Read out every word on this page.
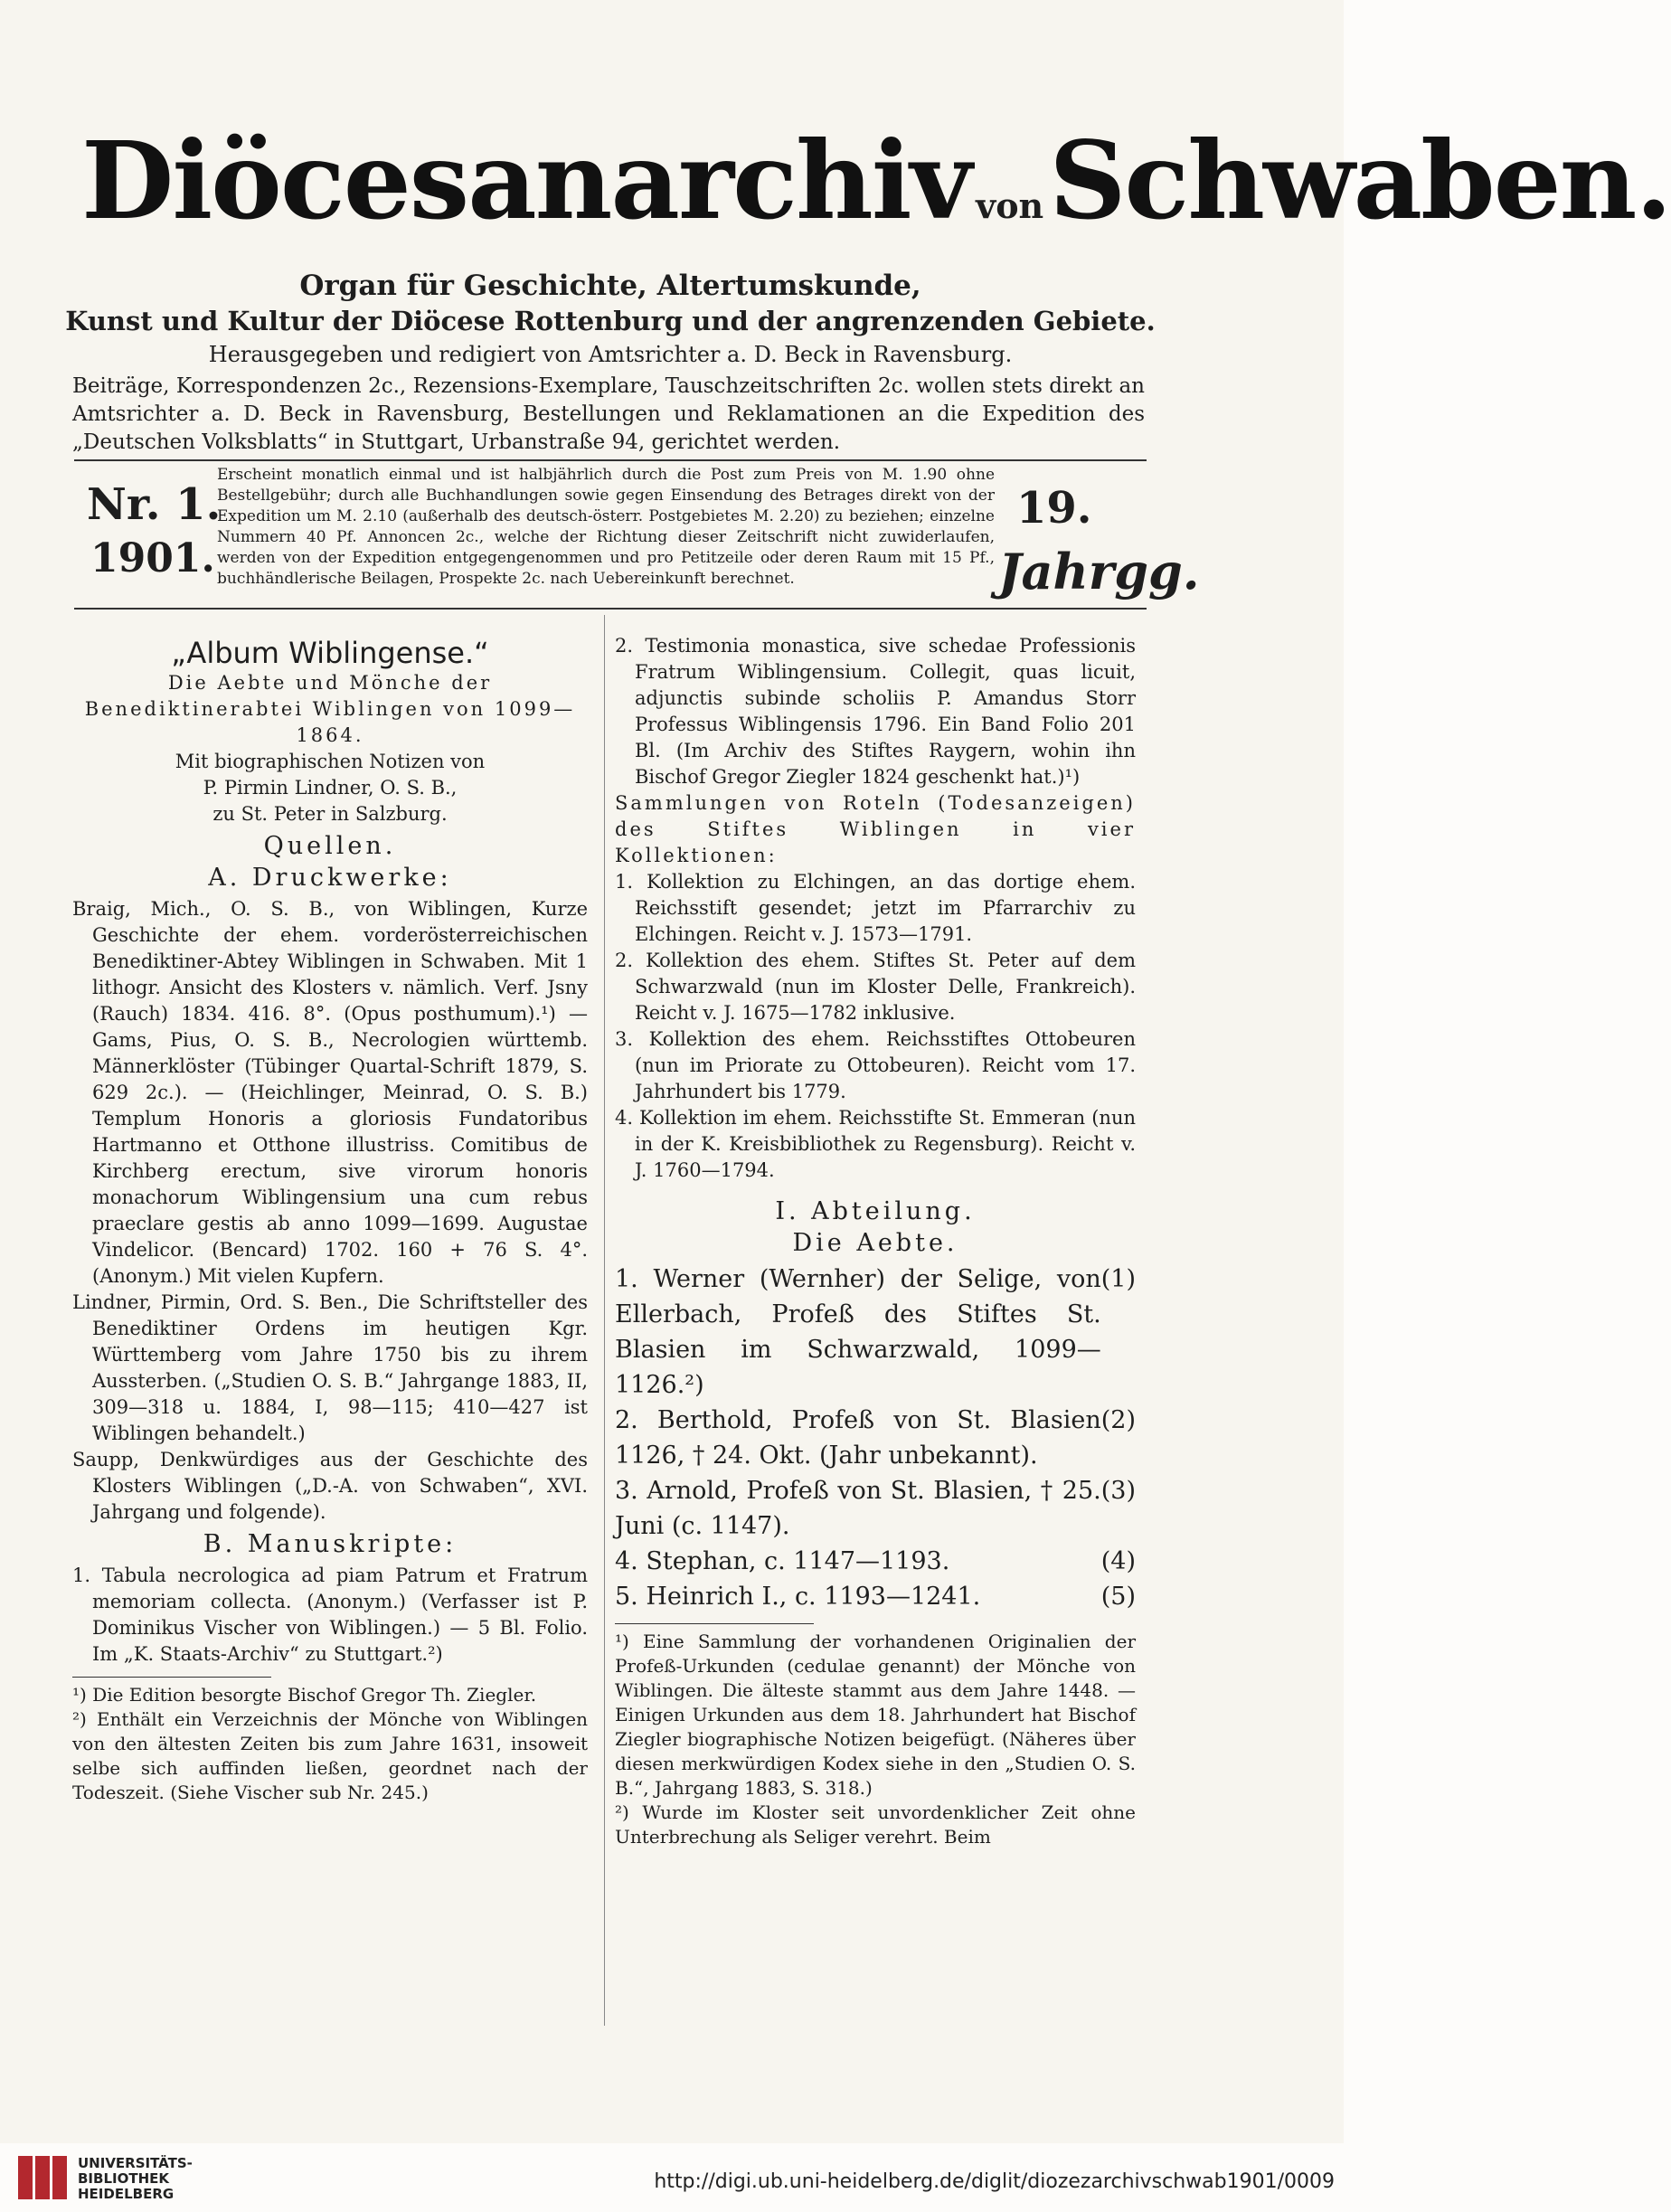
Diöcesanarchiv vonSchwaben.
Organ für Geschichte, Altertumskunde,
Kunst und Kultur der Diöcese Rottenburg und der angrenzenden Gebiete.
Herausgegeben und redigiert von Amtsrichter a. D. Beck in Ravensburg.
Beiträge, Korrespondenzen 2c., Rezensions-Exemplare, Tauschzeitschriften 2c. wollen stets direkt an Amtsrichter a. D. Beck in Ravensburg, Bestellungen und Reklamationen an die Expedition des „Deutschen Volksblatts“ in Stuttgart, Urbanstraße 94, gerichtet werden.
Nr. 1.
1901.
Erscheint monatlich einmal und ist halbjährlich durch die Post zum Preis von M. 1.90 ohne Bestellgebühr; durch alle Buchhandlungen sowie gegen Einsendung des Betrages direkt von der Expedition um M. 2.10 (außerhalb des deutsch-österr. Postgebietes M. 2.20) zu beziehen; einzelne Nummern 40 Pf. Annoncen 2c., welche der Richtung dieser Zeitschrift nicht zuwiderlaufen, werden von der Expedition entgegengenommen und pro Petitzeile oder deren Raum mit 15 Pf., buchhändlerische Beilagen, Prospekte 2c. nach Uebereinkunft berechnet.
19.
Jahrgg.
„Album Wiblingense.“
Die Aebte und Mönche der Benediktinerabtei Wiblingen von 1099—1864.
Mit biographischen Notizen von
P. Pirmin Lindner, O. S. B.,
zu St. Peter in Salzburg.
Quellen.
A. Druckwerke:

Braig, Mich., O. S. B., von Wiblingen, Kurze Geschichte der ehem. vorderösterreichischen Benediktiner-Abtey Wiblingen in Schwaben. Mit 1 lithogr. Ansicht des Klosters v. nämlich. Verf. Jsny (Rauch) 1834. 416. 8°. (Opus posthumum).¹) — Gams, Pius, O. S. B., Necrologien württemb. Männerklöster (Tübinger Quartal-Schrift 1879, S. 629 2c.). — (Heichlinger, Meinrad, O. S. B.) Templum Honoris a gloriosis Fundatoribus Hartmanno et Otthone illustriss. Comitibus de Kirchberg erectum, sive virorum honoris monachorum Wiblingensium una cum rebus praeclare gestis ab anno 1099—1699. Augustae Vindelicor. (Bencard) 1702. 160 + 76 S. 4°. (Anonym.) Mit vielen Kupfern.

Lindner, Pirmin, Ord. S. Ben., Die Schriftsteller des Benediktiner Ordens im heutigen Kgr. Württemberg vom Jahre 1750 bis zu ihrem Aussterben. („Studien O. S. B.“ Jahrgange 1883, II, 309—318 u. 1884, I, 98—115; 410—427 ist Wiblingen behandelt.)

Saupp, Denkwürdiges aus der Geschichte des Klosters Wiblingen („D.-A. von Schwaben“, XVI. Jahrgang und folgende).

B. Manuskripte:

1. Tabula necrologica ad piam Patrum et Fratrum memoriam collecta. (Anonym.) (Verfasser ist P. Dominikus Vischer von Wiblingen.) — 5 Bl. Folio. Im „K. Staats-Archiv“ zu Stuttgart.²)

¹) Die Edition besorgte Bischof Gregor Th. Ziegler.

²) Enthält ein Verzeichnis der Mönche von Wiblingen von den ältesten Zeiten bis zum Jahre 1631, insoweit selbe sich auffinden ließen, geordnet nach der Todeszeit. (Siehe Vischer sub Nr. 245.)

2. Testimonia monastica, sive schedae Professionis Fratrum Wiblingensium. Collegit, quas licuit, adjunctis subinde scholiis P. Amandus Storr Professus Wiblingensis 1796. Ein Band Folio 201 Bl. (Im Archiv des Stiftes Raygern, wohin ihn Bischof Gregor Ziegler 1824 geschenkt hat.)¹)

Sammlungen von Roteln (Todesanzeigen) des Stiftes Wiblingen in vier Kollektionen:

1. Kollektion zu Elchingen, an das dortige ehem. Reichsstift gesendet; jetzt im Pfarrarchiv zu Elchingen. Reicht v. J. 1573—1791.

2. Kollektion des ehem. Stiftes St. Peter auf dem Schwarzwald (nun im Kloster Delle, Frankreich). Reicht v. J. 1675—1782 inklusive.

3. Kollektion des ehem. Reichsstiftes Ottobeuren (nun im Priorate zu Ottobeuren). Reicht vom 17. Jahrhundert bis 1779.

4. Kollektion im ehem. Reichsstifte St. Emmeran (nun in der K. Kreisbibliothek zu Regensburg). Reicht v. J. 1760—1794.

I. Abteilung.
Die Aebte.

1. Werner (Wernher) der Selige, von Ellerbach, Profeß des Stiftes St. Blasien im Schwarzwald, 1099—1126.²)

(1)

2. Berthold, Profeß von St. Blasien 1126, † 24. Okt. (Jahr unbekannt).

(2)

3. Arnold, Profeß von St. Blasien, † 25. Juni (c. 1147).

(3)

4. Stephan, c. 1147—1193.	(4)

5. Heinrich I., c. 1193—1241.	(5)

¹) Eine Sammlung der vorhandenen Originalien der Profeß-Urkunden (cedulae genannt) der Mönche von Wiblingen. Die älteste stammt aus dem Jahre 1448. — Einigen Urkunden aus dem 18. Jahrhundert hat Bischof Ziegler biographische Notizen beigefügt. (Näheres über diesen merkwürdigen Kodex siehe in den „Studien O. S. B.“, Jahrgang 1883, S. 318.)

²) Wurde im Kloster seit unvordenklicher Zeit ohne Unterbrechung als Seliger verehrt. Beim

UNIVERSITÄTS-
BIBLIOTHEK
HEIDELBERG
http://digi.ub.uni-heidelberg.de/diglit/diozezarchivschwab1901/0009
